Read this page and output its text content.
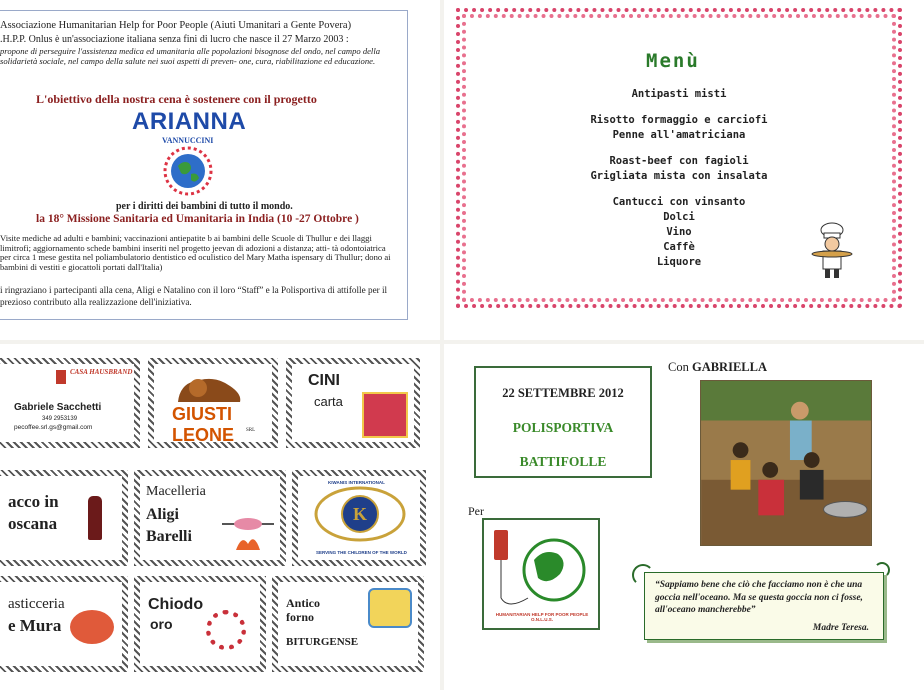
Associazione Humanitarian Help for Poor People (Aiuti Umanitari a Gente Povera)
.H.P.P. Onlus è un'associazione italiana senza fini di lucro che nasce il 27 Marzo 2003 :
propone di perseguire l'assistenza medica ed umanitaria alle popolazioni bisognose del ondo, nel campo della solidarietà sociale, nel campo della salute nei suoi aspetti di preven- one, cura, riabilitazione ed educazione.
L'obiettivo della nostra cena è sostenere con il progetto
ARIANNA
VANNUCCINI
per i diritti dei bambini di tutto il mondo.
la 18° Missione Sanitaria ed Umanitaria in India (10 -27 Ottobre )
Visite mediche ad adulti e bambini; vaccinazioni antiepatite b ai bambini delle Scuole di Thullur e dei llaggi limitrofi; aggiornamento schede bambini inseriti nel progetto jeevan di adozioni a distanza; atti- tà odontoiatrica per circa 1 mese gestita nel poliambulatorio dentistico ed oculistico del Mary Matha ispensary di Thullur; dono ai bambini di vestiti e giocattoli portati dall'Italia)
i ringraziano i partecipanti alla cena, Aligi e Natalino con il loro “Staff” e la Polisportiva di attifolle per il prezioso contributo alla realizzazione dell'iniziativa.
Menù
Antipasti misti
Risotto formaggio e carciofi
Penne all'amatriciana
Roast-beef con fagioli
Grigliata mista con insalata
Cantucci con vinsanto
Dolci
Vino
Caffè
Liquore
CASA HAUSBRAND
Gabriele Sacchetti
349 2953139
pecoffee.srl.gs@gmail.com
GIUSTI LEONE	SRL
CINI
carta
acco in
oscana
Macelleria
Aligi
Barelli
K
SERVING THE CHILDREN OF THE WORLD
KIWANIS INTERNATIONAL
asticceria
e Mura
Chiodo
oro
Antico
forno
BITURGENSE
22 SETTEMBRE 2012
POLISPORTIVA
BATTIFOLLE
Con GABRIELLA
Per
HUMANITARIAN HELP FOR POOR PEOPLE O.N.L.U.S.
“Sappiamo bene che ciò che facciamo non è che una goccia nell'oceano. Ma se questa goccia non ci fosse, all'oceano mancherebbe”
Madre Teresa.
